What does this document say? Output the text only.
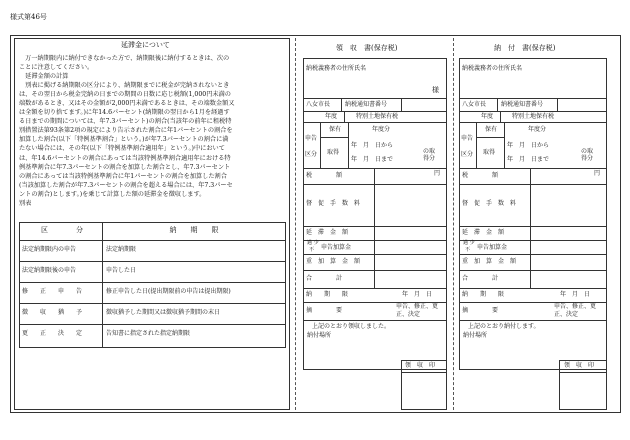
様式第46号
延滞金について
　万一納期限内に納付できなかった方で、納期限後に納付するときは、次の
ことに注意してください。
　延滞金額の計算
　別表に掲げる納期限の区分により、納期限までに税金が完納されないとき
は、その翌日から税金完納の日までの期間の日数に応じ税額(1,000円未満の
端数があるとき、又はその金額が2,000円未満であるときは、その端数金額又
は全額を切り捨てます。)に年14.6パーセント(納期限の翌日から1月を経過す
る日までの期間については、年7.3パーセント)の割合(当該年の前年に租税特
別措置法第93条第2項の規定により告示された割合に年1パーセントの割合を
加算した割合(以下「特例基準割合」という。)が年7.3パーセントの割合に満
たない場合には、その年(以下「特例基準割合適用年」という。)中において
は、年14.6パーセントの割合にあっては当該特例基準割合適用年における特
例基準割合に年7.3パーセントの割合を加算した割合とし、年7.3パーセント
の割合にあっては当該特例基準割合に年1パーセントの割合を加算した割合
(当該加算した割合が年7.3パーセントの割合を超える場合には、年7.3パーセ
ントの割合)とします。)を乗じて計算した額の延滞金を徴収します。
別表
区　　　　分	納　　期　　限
法定納期限内の申告	法定納期限
法定納期限後の申告	申告した日
修　　正　　申　　告	修正申告した日(提出期限前の申告は提出期限)
徴　　収　　猶　　予	徴収猶予した期間又は徴収猶予期間の末日
更　　正　　決　　定	告知書に指定された指定納期限
領　収　書(保存税)
納税義務者の住所氏名
様
八女市長 納税通知書番号
年度	特別土地保有税
申告
区分
保有
取得
年度分
年　月　日から
年　月　日まで
の取得分
税　　　　額	円
督　促　手　数　料
延　滞　金　額
過 少
不 申告加算金
重　加　算　金　額
合　　　　計
納　　期　　限	年　月　日
摘　　　　要
申告、修正、更
正、決定
上記のとおり領収しました。
納付場所
領　収　印
納　付　書(保存税)
納税義務者の住所氏名
八女市長 納税通知書番号
年度	特別土地保有税
申告
区分
保有
取得
年度分
年　月　日から
年　月　日まで
の取得分
税　　　　額	円
督　促　手　数　料
延　滞　金　額
過 少
不 申告加算金
重　加　算　金　額
合　　　　計
納　　期　　限	年　月　日
摘　　　　要
申告、修正、更
正、決定
上記のとおり納付します。
納付場所
領　収　印
